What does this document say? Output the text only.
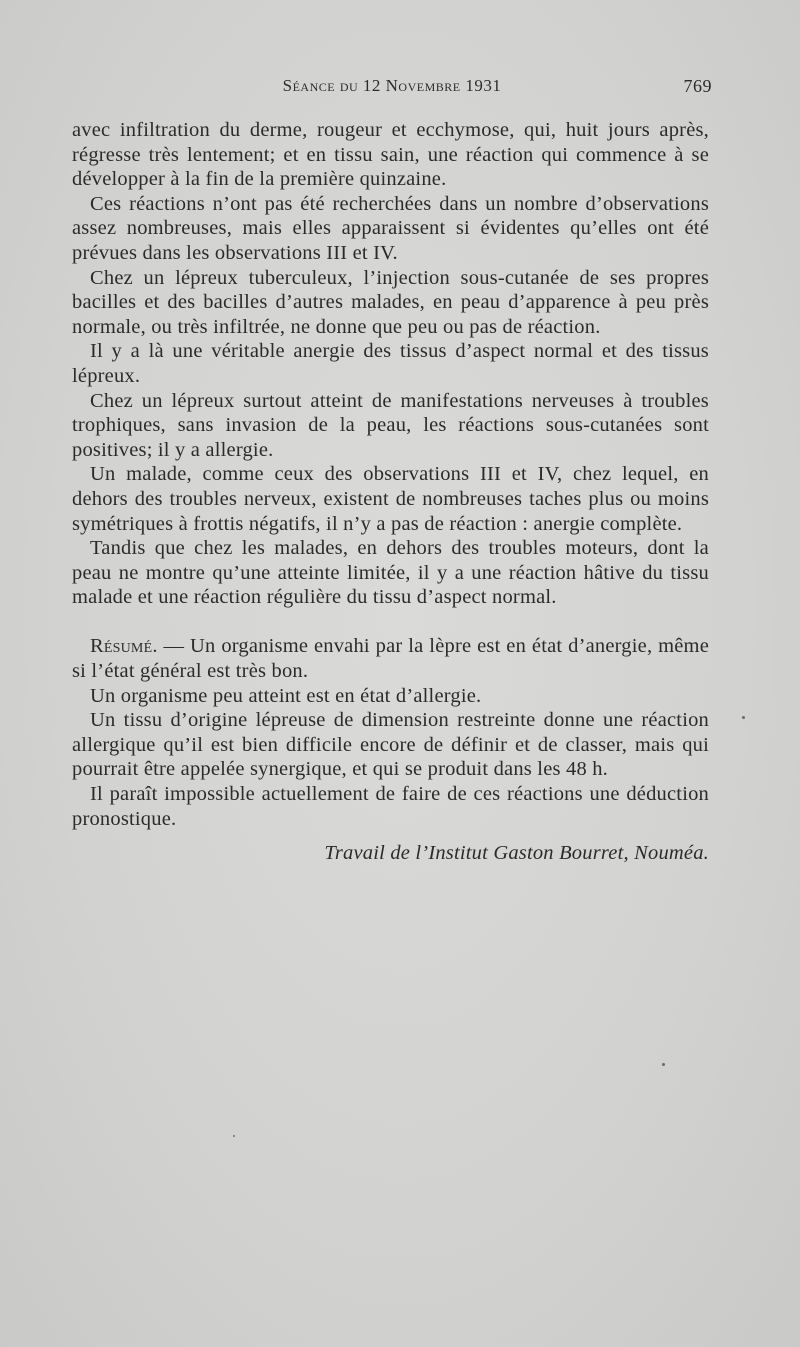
Séance du 12 Novembre 1931	769

avec infiltration du derme, rougeur et ecchymose, qui, huit jours après, régresse très lentement; et en tissu sain, une réaction qui commence à se développer à la fin de la première quinzaine.

Ces réactions n’ont pas été recherchées dans un nombre d’observations assez nombreuses, mais elles apparaissent si évidentes qu’elles ont été prévues dans les observations III et IV.

Chez un lépreux tuberculeux, l’injection sous-cutanée de ses propres bacilles et des bacilles d’autres malades, en peau d’apparence à peu près normale, ou très infiltrée, ne donne que peu ou pas de réaction.

Il y a là une véritable anergie des tissus d’aspect normal et des tissus lépreux.

Chez un lépreux surtout atteint de manifestations nerveuses à troubles trophiques, sans invasion de la peau, les réactions sous-cutanées sont positives; il y a allergie.

Un malade, comme ceux des observations III et IV, chez lequel, en dehors des troubles nerveux, existent de nombreuses taches plus ou moins symétriques à frottis négatifs, il n’y a pas de réaction : anergie complète.

Tandis que chez les malades, en dehors des troubles moteurs, dont la peau ne montre qu’une atteinte limitée, il y a une réaction hâtive du tissu malade et une réaction régulière du tissu d’aspect normal.

Résumé. — Un organisme envahi par la lèpre est en état d’anergie, même si l’état général est très bon.

Un organisme peu atteint est en état d’allergie.

Un tissu d’origine lépreuse de dimension restreinte donne une réaction allergique qu’il est bien difficile encore de définir et de classer, mais qui pourrait être appelée synergique, et qui se produit dans les 48 h.

Il paraît impossible actuellement de faire de ces réactions une déduction pronostique.

Travail de l’Institut Gaston Bourret, Nouméa.
